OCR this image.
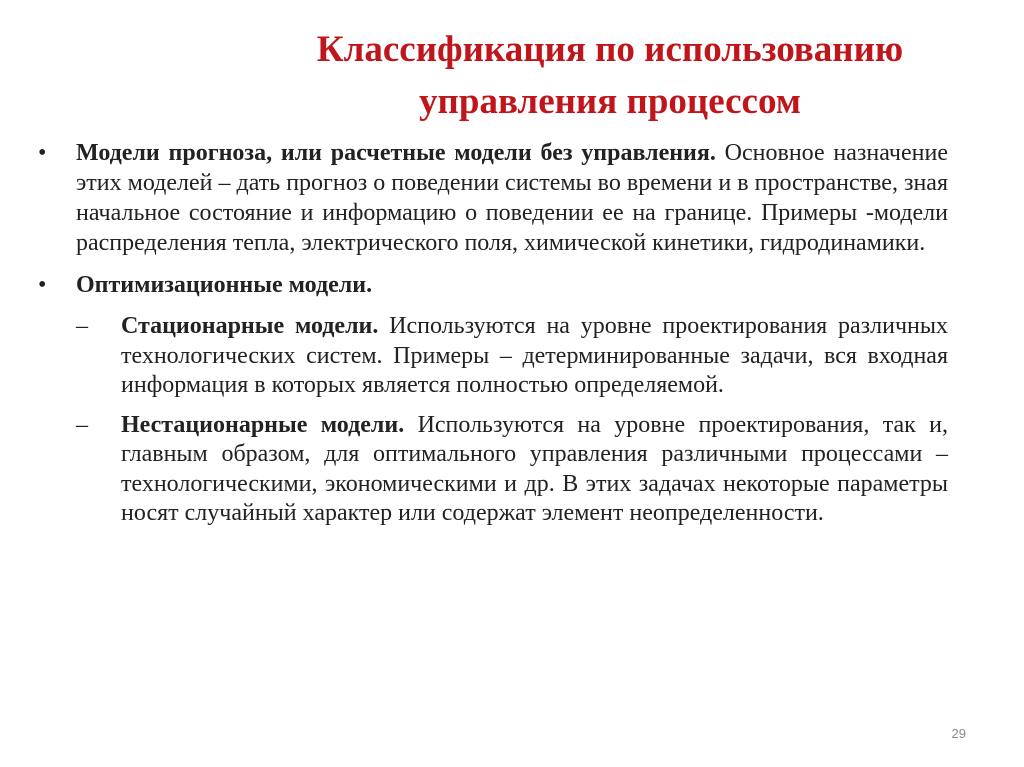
Классификация по использованию
управления процессом
•	Модели прогноза, или расчетные модели без управления. Основное назначение этих моделей – дать прогноз о поведении системы во времени и в пространстве, зная начальное состояние и информацию о поведении ее на границе. Примеры -модели распределения тепла, электрического поля, химической кинетики, гидродинамики.
•	Оптимизационные модели.
– Стационарные модели. Используются на уровне проектирования различных технологических систем. Примеры – детерминированные задачи, вся входная информация в которых является полностью определяемой.
– Нестационарные модели. Используются на уровне проектирования, так и, главным образом, для оптимального управления различными процессами – технологическими, экономическими и др. В этих задачах некоторые параметры носят случайный характер или содержат элемент неопределенности.
29
